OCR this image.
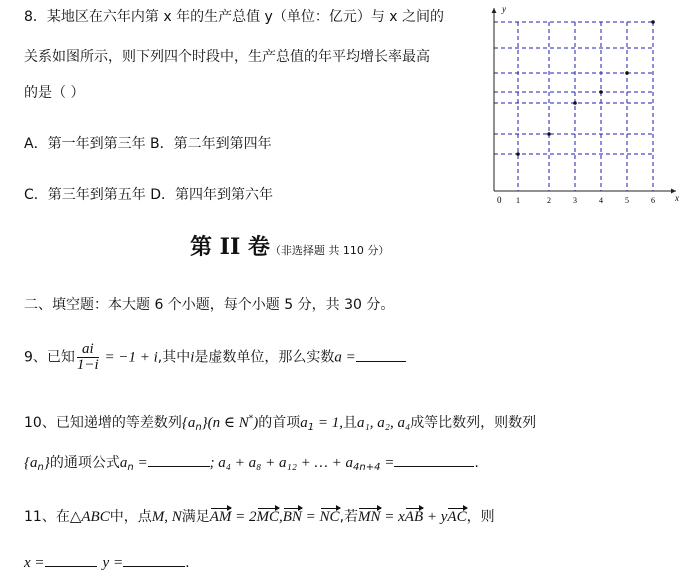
8．某地区在六年内第 x 年的生产总值 y（单位：亿元）与 x 之间的
关系如图所示，则下列四个时段中，生产总值的年平均增长率最高
的是（ ）
A．第一年到第三年 B．第二年到第四年
C．第三年到第五年 D．第四年到第六年
y
x
0 1	2	3	4	5	6
第 II 卷（非选择题 共 110 分）
二、填空题：本大题 6 个小题，每个小题 5 分，共 30 分。
9、已知 $\frac{ai}{1-i} = -1 + i$,其中i是虚数单位，那么实数a =
10、已知递增的等差数列$\{a_n\}(n$ ∈ N*)的首项$a_1 = 1$,且a₁, a₂, a₄成等比数列，则数列
$\{a_n\}$的通项公式$a_n$ =	; a₄ + a₈ + a₁₂ + … + $a_{4n+4}$ =	.
11、在△ABC中，点M, N满足AM = 2MC,BN = NC,若MN = xAB + yAC，则
x =	y =	.
